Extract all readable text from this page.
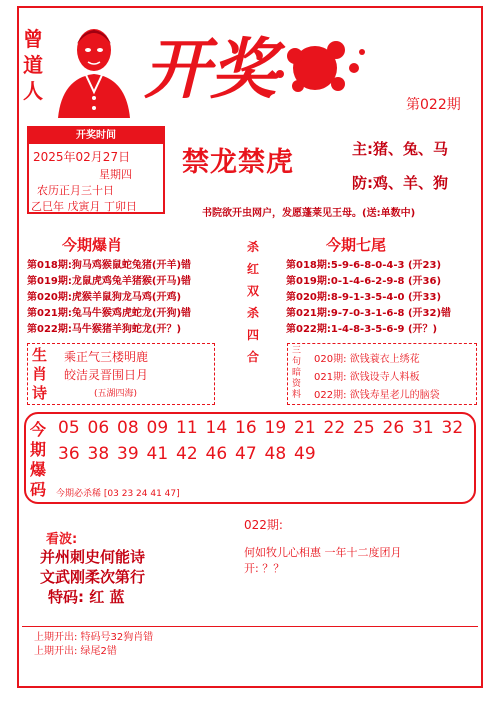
曾
道
人 开奖	第022期
开奖时间
2025年02月27日
星期四
农历正月三十日
乙巳年 戊寅月 丁卯日
禁龙禁虎	主:猪、兔、马
防:鸡、羊、狗
书院欲开虫网户，发愿蓬莱见王母。(送:单数中)
今期爆肖
第018期:狗马鸡猴鼠蛇兔猪(开羊)错
第019期:龙鼠虎鸡兔羊猪猴(开马)错
第020期:虎猴羊鼠狗龙马鸡(开鸡)
第021期:兔马牛猴鸡虎蛇龙(开狗)错
第022期:马牛猴猪羊狗蛇龙(开？)
杀
红
双
杀
四
合
今期七尾
第018期:5-9-6-8-0-4-3 (开23)
第019期:0-1-4-6-2-9-8 (开36)
第020期:8-9-1-3-5-4-0 (开33)
第021期:9-7-0-3-1-6-8 (开32)错
第022期:1-4-8-3-5-6-9 (开？)
生
肖
诗
乘正气三楼明鹿
皎洁灵晋围日月
(五湖四海)
三
句
暗
资
料
020期: 欲钱蓑衣上绣花
021期: 欲钱设寺人料板
022期: 欲钱寿星老儿的脑袋
今
期
爆
码
05 06 08 09 11 14 16 19 21 22 25 26 31 32
36 38 39 41 42 46 47 48 49
今期必杀稀 [03 23 24 41 47]
看波:
并州刺史何能诗
文武刚柔次第行
特码: 红 蓝
022期:
何如牧儿心相惠 一年十二度团月
开: ？？
上期开出: 特码号32狗肖错
上期开出: 绿尾2错
